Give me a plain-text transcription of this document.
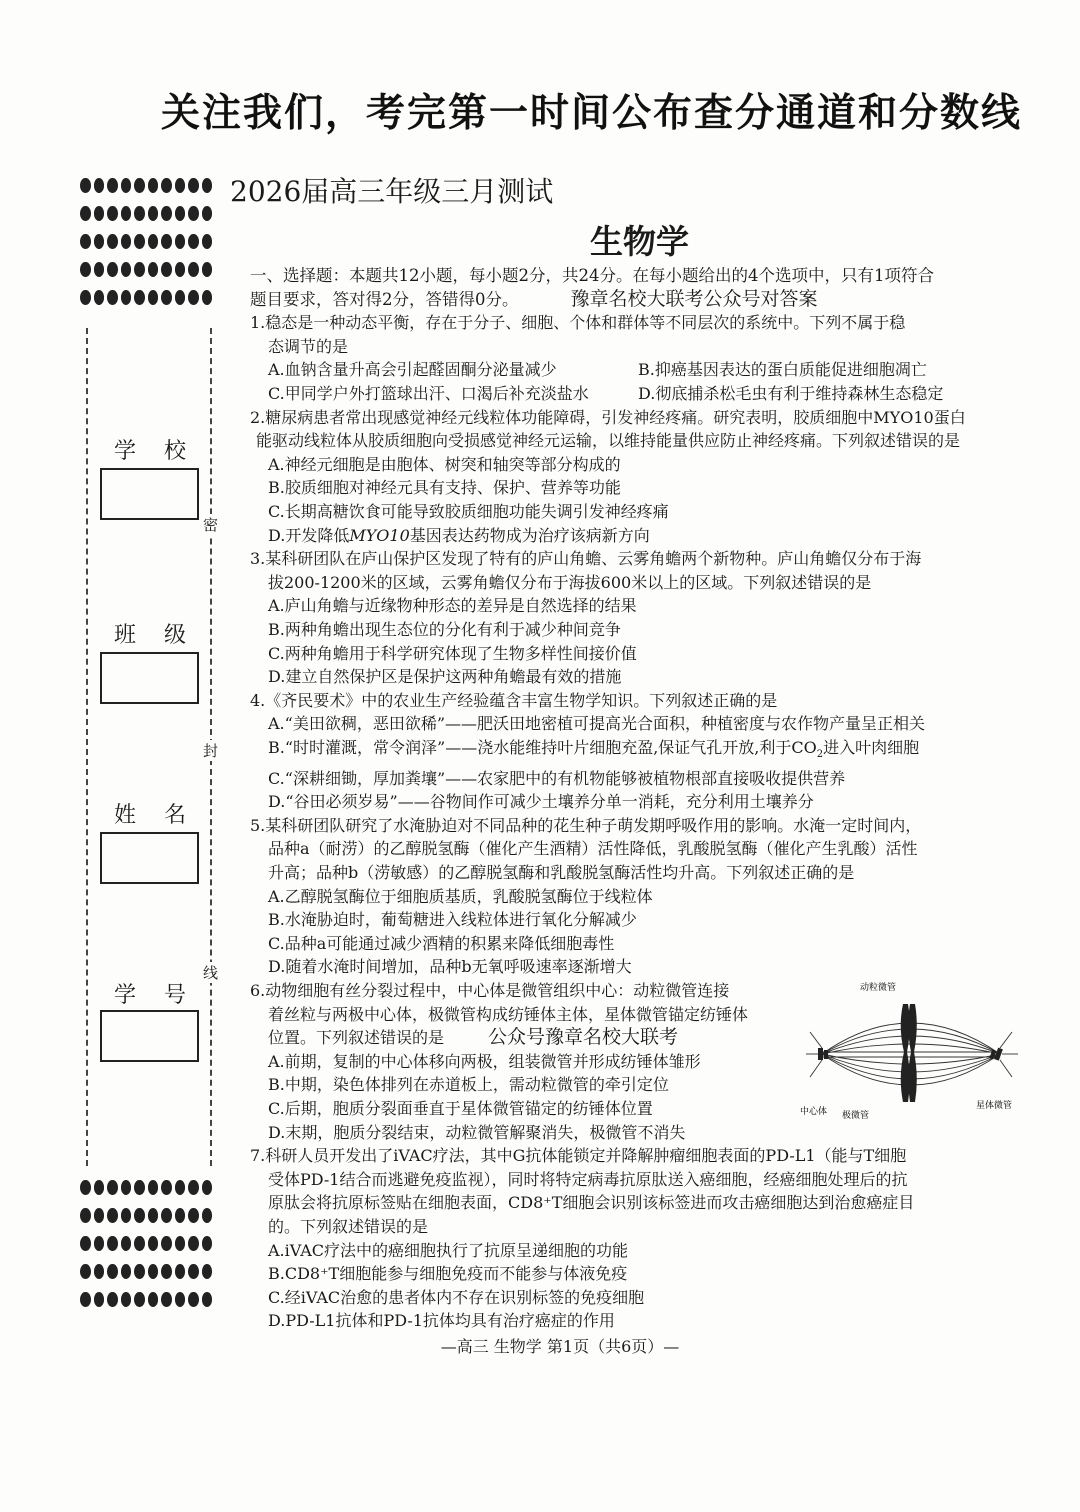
关注我们，考完第一时间公布查分通道和分数线
密
封
线
学校
班级
姓名
学号
2026届高三年级三月测试
生物学
一、选择题：本题共12小题，每小题2分，共24分。在每小题给出的4个选项中，只有1项符合
题目要求，答对得2分，答错得0分。	豫章名校大联考公众号对答案
1.稳态是一种动态平衡，存在于分子、细胞、个体和群体等不同层次的系统中。下列不属于稳
态调节的是
A.血钠含量升高会引起醛固酮分泌量减少	B.抑癌基因表达的蛋白质能促进细胞凋亡
C.甲同学户外打篮球出汗、口渴后补充淡盐水	D.彻底捕杀松毛虫有利于维持森林生态稳定
2.糖尿病患者常出现感觉神经元线粒体功能障碍，引发神经疼痛。研究表明，胶质细胞中MYO10蛋白
能驱动线粒体从胶质细胞向受损感觉神经元运输，以维持能量供应防止神经疼痛。下列叙述错误的是
A.神经元细胞是由胞体、树突和轴突等部分构成的
B.胶质细胞对神经元具有支持、保护、营养等功能
C.长期高糖饮食可能导致胶质细胞功能失调引发神经疼痛
D.开发降低MYO10基因表达药物成为治疗该病新方向
3.某科研团队在庐山保护区发现了特有的庐山角蟾、云雾角蟾两个新物种。庐山角蟾仅分布于海
拔200-1200米的区域，云雾角蟾仅分布于海拔600米以上的区域。下列叙述错误的是
A.庐山角蟾与近缘物种形态的差异是自然选择的结果
B.两种角蟾出现生态位的分化有利于减少种间竞争
C.两种角蟾用于科学研究体现了生物多样性间接价值
D.建立自然保护区是保护这两种角蟾最有效的措施
4.《齐民要术》中的农业生产经验蕴含丰富生物学知识。下列叙述正确的是
A.“美田欲稠，恶田欲稀”——肥沃田地密植可提高光合面积，种植密度与农作物产量呈正相关
B.“时时灌溉，常令润泽”——浇水能维持叶片细胞充盈,保证气孔开放,利于$CO_2$进入叶肉细胞
C.“深耕细锄，厚加粪壤”——农家肥中的有机物能够被植物根部直接吸收提供营养
D.“谷田必须岁易”——谷物间作可减少土壤养分单一消耗，充分利用土壤养分
5.某科研团队研究了水淹胁迫对不同品种的花生种子萌发期呼吸作用的影响。水淹一定时间内，
品种a（耐涝）的乙醇脱氢酶（催化产生酒精）活性降低，乳酸脱氢酶（催化产生乳酸）活性
升高；品种b（涝敏感）的乙醇脱氢酶和乳酸脱氢酶活性均升高。下列叙述正确的是
A.乙醇脱氢酶位于细胞质基质，乳酸脱氢酶位于线粒体
B.水淹胁迫时，葡萄糖进入线粒体进行氧化分解减少
C.品种a可能通过减少酒精的积累来降低细胞毒性
D.随着水淹时间增加，品种b无氧呼吸速率逐渐增大
6.动物细胞有丝分裂过程中，中心体是微管组织中心：动粒微管连接
着丝粒与两极中心体，极微管构成纺锤体主体，星体微管锚定纺锤体
位置。下列叙述错误的是 公众号豫章名校大联考
A.前期，复制的中心体移向两极，组装微管并形成纺锤体雏形
B.中期，染色体排列在赤道板上，需动粒微管的牵引定位
C.后期，胞质分裂面垂直于星体微管锚定的纺锤体位置
D.末期，胞质分裂结束，动粒微管解聚消失，极微管不消失
7.科研人员开发出了iVAC疗法，其中G抗体能锁定并降解肿瘤细胞表面的PD-L1（能与T细胞
受体PD-1结合而逃避免疫监视），同时将特定病毒抗原肽送入癌细胞，经癌细胞处理后的抗
原肽会将抗原标签贴在细胞表面，CD8⁺T细胞会识别该标签进而攻击癌细胞达到治愈癌症目
的。下列叙述错误的是
A.iVAC疗法中的癌细胞执行了抗原呈递细胞的功能
B.CD8⁺T细胞能参与细胞免疫而不能参与体液免疫
C.经iVAC治愈的患者体内不存在识别标签的免疫细胞
D.PD-L1抗体和PD-1抗体均具有治疗癌症的作用
动粒微管
中心体 极微管
星体微管
—高三 生物学 第1页（共6页）—
